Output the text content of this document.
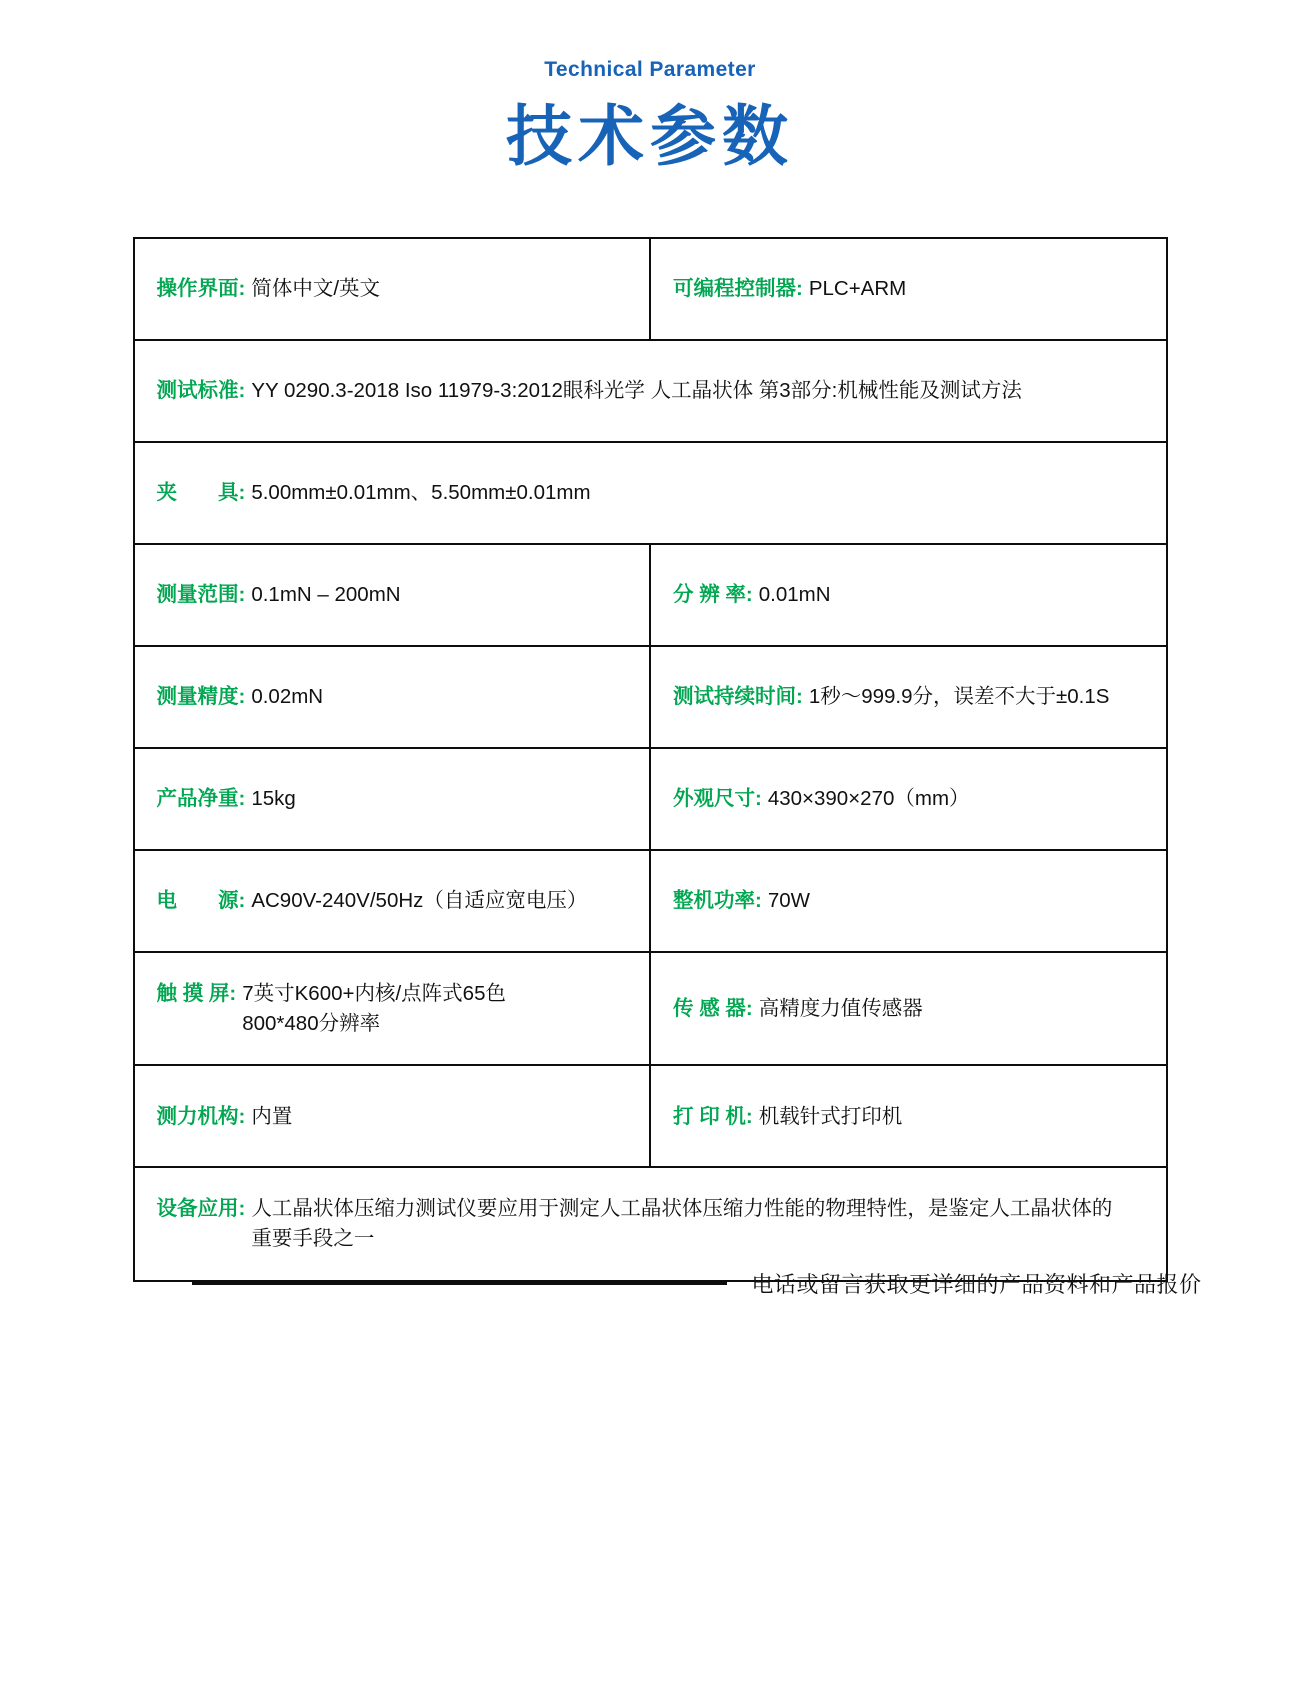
Technical Parameter
技术参数
操作界面: 简体中文/英文	可编程控制器: PLC+ARM

测试标准: YY 0290.3-2018 Iso 11979-3:2012眼科光学 人工晶状体 第3部分:机械性能及测试方法	

夹　　具: 5.00mm±0.01mm、5.50mm±0.01mm	

测量范围: 0.1mN – 200mN	分 辨 率: 0.01mN

测量精度: 0.02mN	测试持续时间: 1秒～999.9分，误差不大于±0.1S

产品净重: 15kg	外观尺寸: 430×390×270（mm）

电　　源: AC90V-240V/50Hz（自适应宽电压）	整机功率: 70W

触 摸 屏: 7英寸K600+内核/点阵式65色
800*480分辨率	传 感 器: 高精度力值传感器

测力机构: 内置	打 印 机: 机载针式打印机

设备应用: 人工晶状体压缩力测试仪要应用于测定人工晶状体压缩力性能的物理特性，是鉴定人工晶状体的
重要手段之一	
电话或留言获取更详细的产品资料和产品报价
